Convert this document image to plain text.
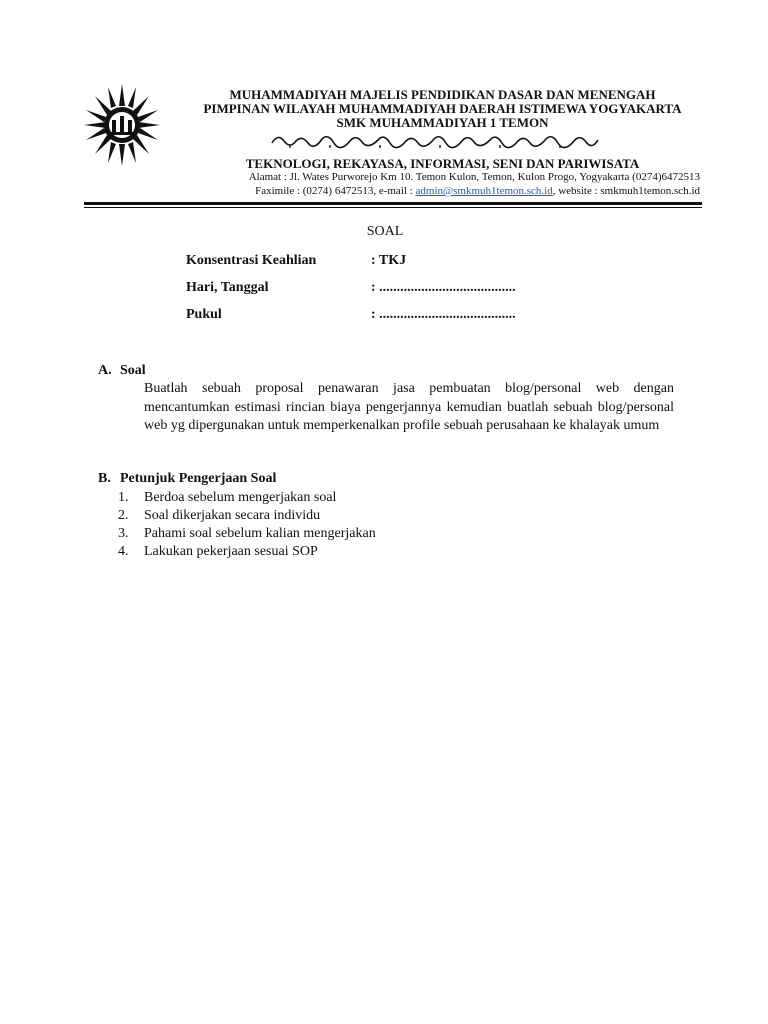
MUHAMMADIYAH MAJELIS PENDIDIKAN DASAR DAN MENENGAH
PIMPINAN WILAYAH MUHAMMADIYAH DAERAH ISTIMEWA YOGYAKARTA
SMK MUHAMMADIYAH 1 TEMON
TEKNOLOGI, REKAYASA, INFORMASI, SENI DAN PARIWISATA
Alamat : Jl. Wates Purworejo Km 10. Temon Kulon, Temon, Kulon Progo, Yogyakarta (0274)6472513
Faximile : (0274) 6472513, e-mail : admin@smkmuh1temon.sch.id, website : smkmuh1temon.sch.id
SOAL
Konsentrasi Keahlian	: TKJ
Hari, Tanggal	: .......................................
Pukul	: .......................................
A. Soal
Buatlah sebuah proposal penawaran jasa pembuatan blog/personal web dengan mencantumkan estimasi rincian biaya pengerjannya kemudian buatlah sebuah blog/personal web yg dipergunakan untuk memperkenalkan profile sebuah perusahaan ke khalayak umum
B. Petunjuk Pengerjaan Soal
1. Berdoa sebelum mengerjakan soal
2. Soal dikerjakan secara individu
3. Pahami soal sebelum kalian mengerjakan
4. Lakukan pekerjaan sesuai SOP
